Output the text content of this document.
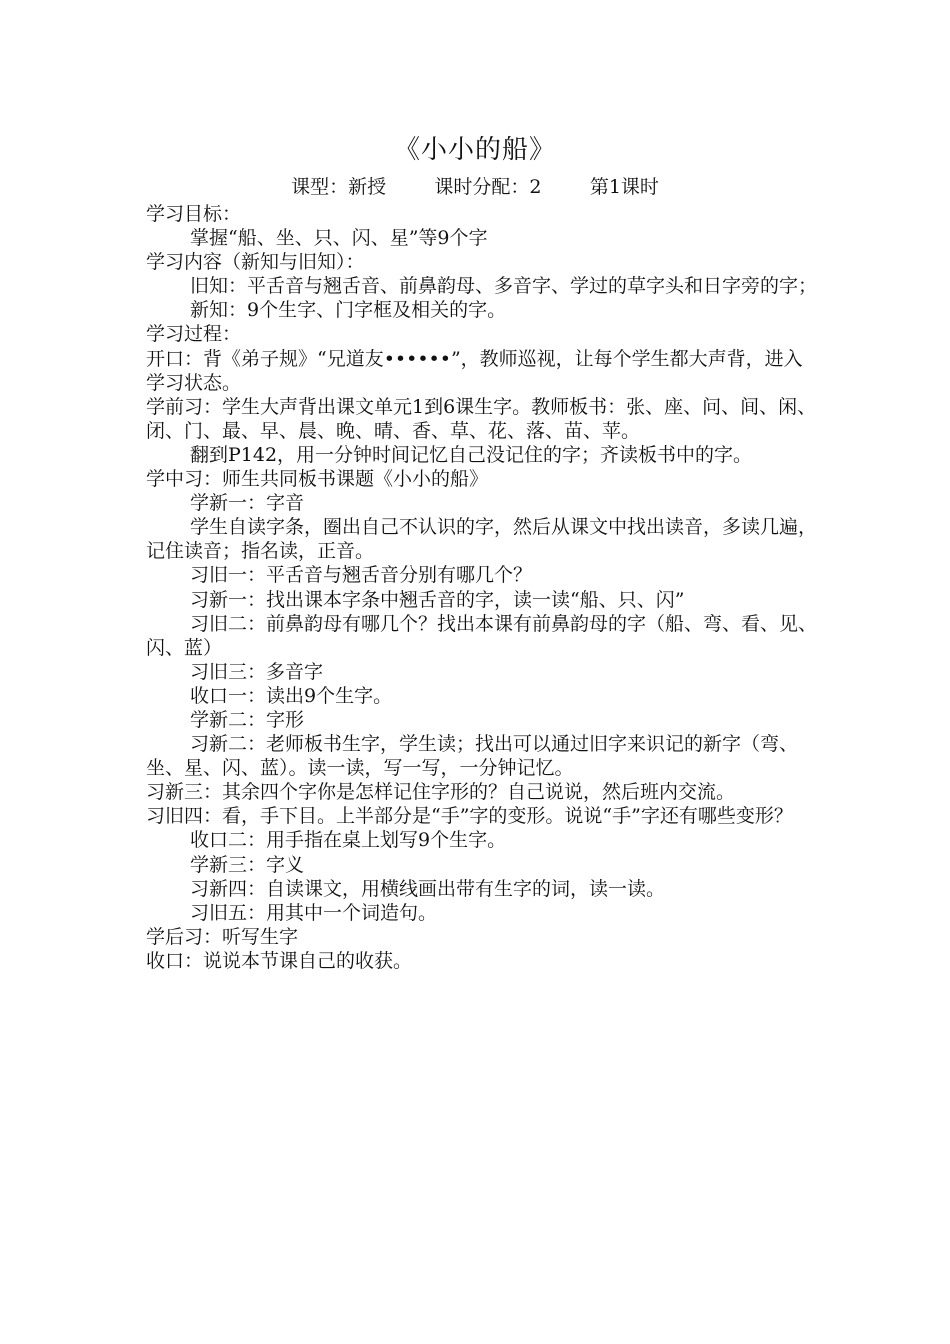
《小小的船》
课型：新授        课时分配：2        第1课时

学习目标：

掌握“船、坐、只、闪、星”等9个字

学习内容（新知与旧知）：

旧知：平舌音与翘舌音、前鼻韵母、多音字、学过的草字头和日字旁的字；

新知：9个生字、门字框及相关的字。

学习过程：

开口：背《弟子规》“兄道友••••••”，教师巡视，让每个学生都大声背，进入学习状态。

学前习：学生大声背出课文单元1到6课生字。教师板书：张、座、问、间、闲、闭、门、最、早、晨、晚、晴、香、草、花、落、苗、苹。

翻到P142，用一分钟时间记忆自己没记住的字；齐读板书中的字。

学中习：师生共同板书课题《小小的船》

学新一：字音

学生自读字条，圈出自己不认识的字，然后从课文中找出读音，多读几遍，记住读音；指名读，正音。

习旧一：平舌音与翘舌音分别有哪几个？

习新一：找出课本字条中翘舌音的字，读一读“船、只、闪”

习旧二：前鼻韵母有哪几个？找出本课有前鼻韵母的字（船、弯、看、见、闪、蓝）

习旧三：多音字

收口一：读出9个生字。

学新二：字形

习新二：老师板书生字，学生读；找出可以通过旧字来识记的新字（弯、坐、星、闪、蓝）。读一读，写一写，一分钟记忆。

习新三：其余四个字你是怎样记住字形的？自己说说，然后班内交流。

习旧四：看，手下目。上半部分是“手”字的变形。说说“手”字还有哪些变形？

收口二：用手指在桌上划写9个生字。

学新三：字义

习新四：自读课文，用横线画出带有生字的词，读一读。

习旧五：用其中一个词造句。

学后习：听写生字

收口：说说本节课自己的收获。
